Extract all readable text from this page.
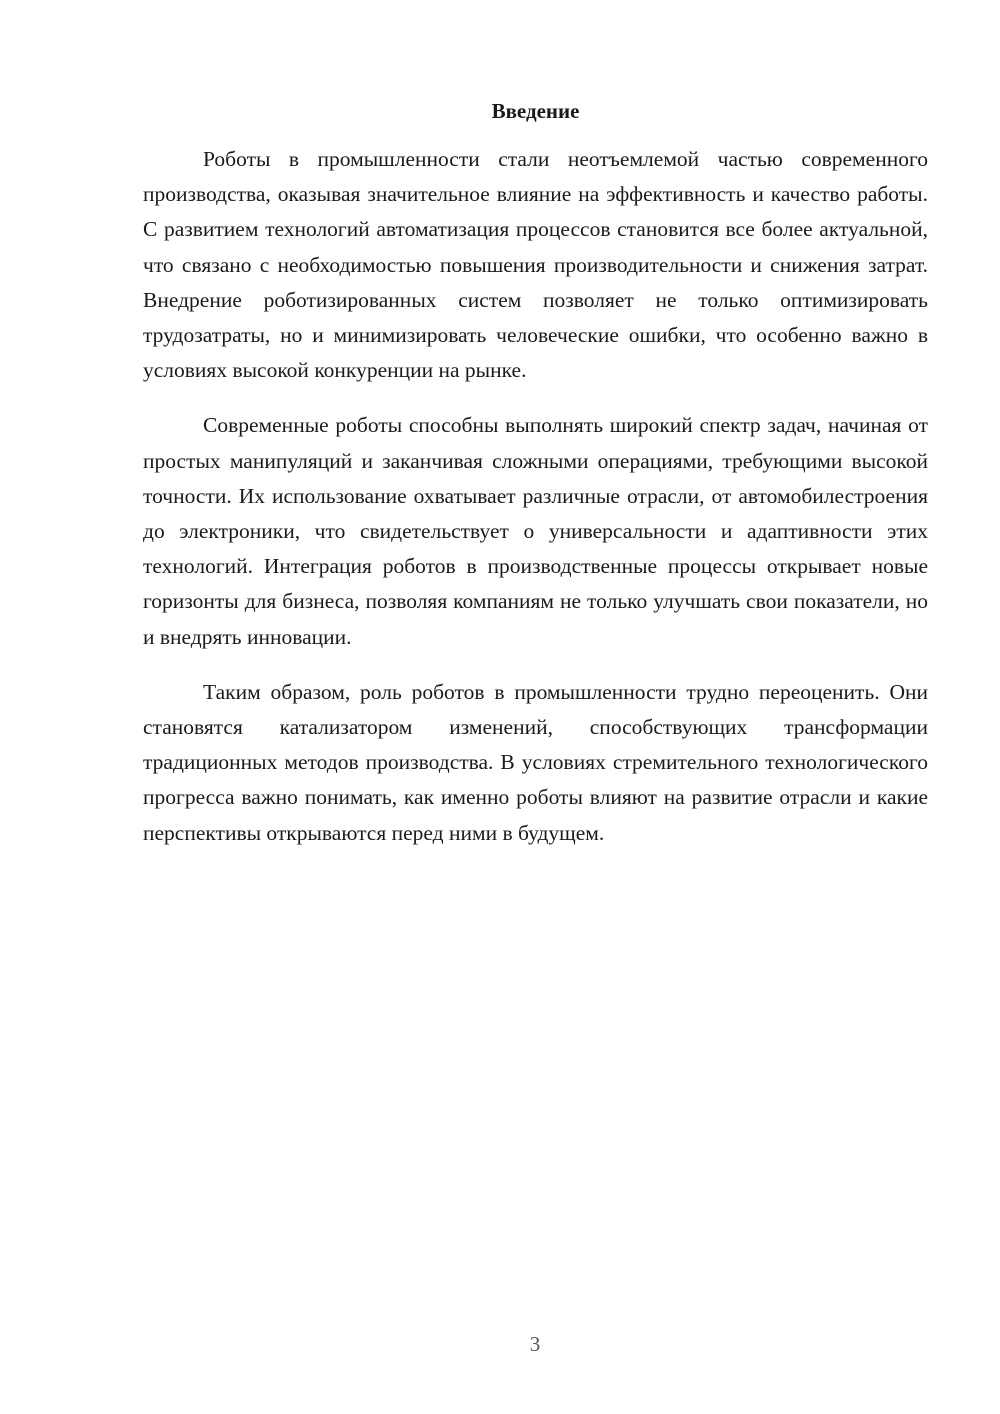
Введение

Роботы в промышленности стали неотъемлемой частью современного производства, оказывая значительное влияние на эффективность и качество работы. С развитием технологий автоматизация процессов становится все более актуальной, что связано с необходимостью повышения производительности и снижения затрат. Внедрение роботизированных систем позволяет не только оптимизировать трудозатраты, но и минимизировать человеческие ошибки, что особенно важно в условиях высокой конкуренции на рынке.

Современные роботы способны выполнять широкий спектр задач, начиная от простых манипуляций и заканчивая сложными операциями, требующими высокой точности. Их использование охватывает различные отрасли, от автомобилестроения до электроники, что свидетельствует о универсальности и адаптивности этих технологий. Интеграция роботов в производственные процессы открывает новые горизонты для бизнеса, позволяя компаниям не только улучшать свои показатели, но и внедрять инновации.

Таким образом, роль роботов в промышленности трудно переоценить. Они становятся катализатором изменений, способствующих трансформации традиционных методов производства. В условиях стремительного технологического прогресса важно понимать, как именно роботы влияют на развитие отрасли и какие перспективы открываются перед ними в будущем.

3
